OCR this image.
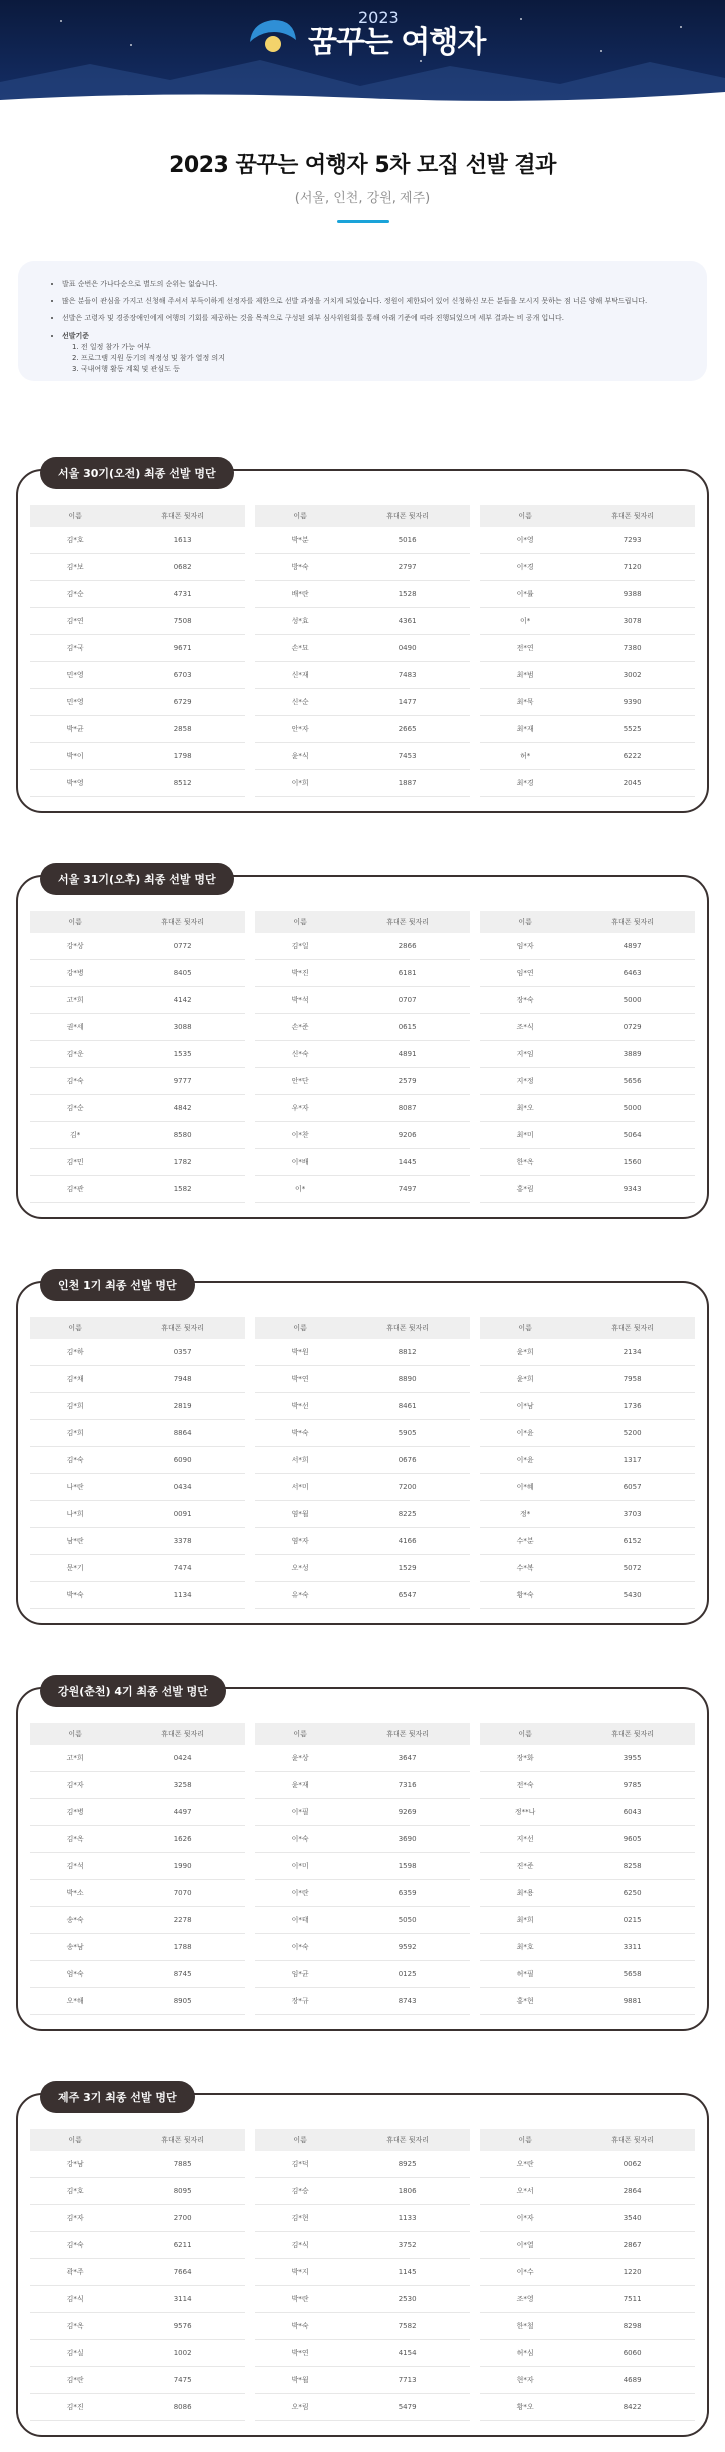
2023
꿈꾸는 여행자
2023 꿈꾸는 여행자 5차 모집 선발 결과

(서울, 인천, 강원, 제주)

• 발표 순번은 가나다순으로 별도의 순위는 없습니다.
• 많은 분들이 관심을 가지고 신청해 주셔서 부득이하게 선정자를 제한으로 선발 과정을 거치게 되었습니다. 정원이 제한되어 있어 신청하신 모든 분들을 모시지 못하는 점 너른 양해 부탁드립니다.
• 선발은 고령자 및 경증장애인에게 여행의 기회를 제공하는 것을 목적으로 구성된 외부 심사위원회를 통해 아래 기준에 따라 진행되었으며 세부 결과는 비 공개 입니다.
• 선발기준
1. 전 일정 참가 가능 여부
2. 프로그램 지원 동기의 적정성 및 참가 열정 의지
3. 국내여행 활동 계획 및 관심도 등
서울 30기(오전) 최종 선발 명단
이름	휴대폰 뒷자리
김*호	1613
김*보	0682
김*순	4731
김*연	7508
김*국	9671
민*영	6703
민*영	6729
박*균	2858
박*이	1798
박*영	8512
이름	휴대폰 뒷자리
박*분	5016
방*숙	2797
배*란	1528
성*효	4361
손*묘	0490
신*재	7483
신*순	1477
안*자	2665
윤*식	7453
이*희	1887
이름	휴대폰 뒷자리
이*영	7293
이*경	7120
이*률	9388
이*	3078
전*연	7380
최*범	3002
최*묵	9390
최*재	5525
허*	6222
최*경	2045
서울 31기(오후) 최종 선발 명단
이름	휴대폰 뒷자리
강*상	0772
강*병	8405
고*희	4142
권*세	3088
김*운	1535
김*숙	9777
김*순	4842
김*	8580
김*민	1782
김*관	1582
이름	휴대폰 뒷자리
김*일	2866
박*진	6181
박*석	0707
손*준	0615
신*숙	4891
안*단	2579
우*자	8087
이*찬	9206
이*배	1445
이*	7497
이름	휴대폰 뒷자리
임*자	4897
임*연	6463
장*숙	5000
조*식	0729
지*임	3889
지*정	5656
최*오	5000
최*미	5064
한*옥	1560
홍*림	9343
인천 1기 최종 선발 명단
이름	휴대폰 뒷자리
김*하	0357
김*채	7948
김*희	2819
김*희	8864
김*숙	6090
나*란	0434
나*희	0091
남*란	3378
문*기	7474
박*숙	1134
이름	휴대폰 뒷자리
박*원	8812
박*연	8890
박*선	8461
박*숙	5905
서*희	0676
서*미	7200
염*월	8225
염*자	4166
오*성	1529
유*숙	6547
이름	휴대폰 뒷자리
윤*희	2134
윤*희	7958
이*남	1736
이*윤	5200
이*윤	1317
이*혜	6057
정*	3703
수*분	6152
수*복	5072
황*숙	5430
강원(춘천) 4기 최종 선발 명단
이름	휴대폰 뒷자리
고*희	0424
김*자	3258
김*병	4497
김*옥	1626
김*석	1990
박*소	7070
송*숙	2278
송*남	1788
엄*숙	8745
오*해	8905
이름	휴대폰 뒷자리
윤*상	3647
윤*재	7316
이*필	9269
이*숙	3690
이*미	1598
이*란	6359
이*태	5050
이*숙	9592
임*균	0125
장*규	8743
이름	휴대폰 뒷자리
장*화	3955
전*숙	9785
정**나	6043
지*선	9605
진*준	8258
최*용	6250
최*희	0215
최*호	3311
허*필	5658
홍*현	9881
제주 3기 최종 선발 명단
이름	휴대폰 뒷자리
강*남	7885
김*호	8095
김*자	2700
김*숙	6211
곽*주	7664
김*식	3114
김*옥	9576
김*실	1002
김*란	7475
김*진	8086
이름	휴대폰 뒷자리
김*덕	8925
김*승	1806
김*현	1133
김*식	3752
박*지	1145
박*란	2530
박*숙	7582
박*연	4154
박*월	7713
오*림	5479
이름	휴대폰 뒷자리
오*란	0062
오*서	2864
이*자	3540
이*열	2867
이*수	1220
조*영	7511
한*철	8298
허*심	6060
현*자	4689
황*오	8422
